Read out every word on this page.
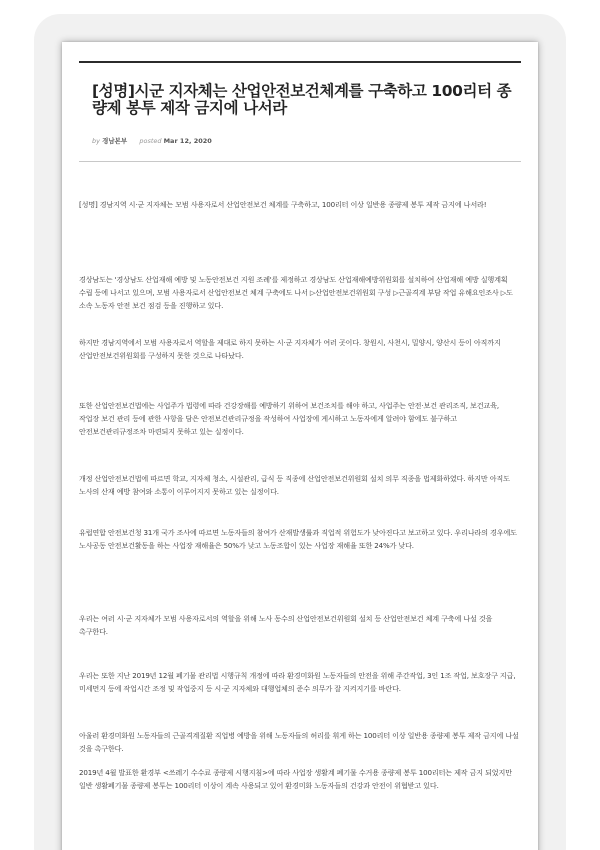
[성명]시군 지자체는 산업안전보건체계를 구축하고 100리터 종량제 봉투 제작 금지에 나서라
by 경남본부 posted Mar 12, 2020

[성명] 경남지역 시·군 지자체는 모범 사용자로서 산업안전보건 체계를 구축하고, 100리터 이상 일반용 종량제 봉투 제작 금지에 나서라!

경상남도는 '경상남도 산업재해 예방 및 노동안전보건 지원 조례'를 제정하고 경상남도 산업재해예방위원회를 설치하여 산업재해 예방 실행계획 수립 등에 나서고 있으며, 모범 사용자로서 산업안전보건 체계 구축에도 나서 ▷산업안전보건위원회 구성 ▷근골격계 부담 작업 유해요인조사 ▷도 소속 노동자 안전 보건 점검 등을 진행하고 있다.

하지만 경남지역에서 모범 사용자로서 역할을 제대로 하지 못하는 시·군 지자체가 여러 곳이다. 창원시, 사천시, 밀양시, 양산시 등이 아직까지 산업안전보건위원회를 구성하지 못한 것으로 나타났다.

또한 산업안전보건법에는 사업주가 법령에 따라 건강장해를 예방하기 위하여 보건조치를 해야 하고, 사업주는 안전·보건 관리조직, 보건교육, 작업장 보건 관리 등에 관한 사항을 담은 안전보건관리규정을 작성하여 사업장에 게시하고 노동자에게 알려야 함에도 불구하고 안전보건관리규정조차 마련되지 못하고 있는 실정이다.

개정 산업안전보건법에 따르면 학교, 지자체 청소, 시설관리, 급식 등 직종에 산업안전보건위원회 설치 의무 직종을 법제화하였다. 하지만 아직도 노사의 산재 예방 참여와 소통이 이루어지지 못하고 있는 실정이다.

유럽연합 안전보건청 31개 국가 조사에 따르면 노동자들의 참여가 산재발생률과 직업적 위험도가 낮아진다고 보고하고 있다. 우리나라의 경우에도 노사공동 안전보건활동을 하는 사업장 재해율은 50%가 낮고 노동조합이 있는 사업장 재해율 또한 24%가 낮다.

우리는 여러 시·군 지자체가 모범 사용자로서의 역할을 위해 노사 동수의 산업안전보건위원회 설치 등 산업안전보건 체계 구축에 나설 것을 촉구한다.

우리는 또한 지난 2019년 12월 폐기물 관리법 시행규칙 개정에 따라 환경미화원 노동자들의 안전을 위해 주간작업, 3인 1조 작업, 보호장구 지급, 미세먼지 등에 작업시간 조정 및 작업중지 등 시·군 지자체와 대행업체의 준수 의무가 잘 지켜지기를 바란다.

아울러 환경미화원 노동자들의 근골격계질환 직업병 예방을 위해 노동자들의 허리를 휘게 하는 100리터 이상 일반용 종량제 봉투 제작 금지에 나설 것을 촉구한다.

2019년 4월 발표한 환경부 <쓰레기 수수료 종량제 시행지침>에 따라 사업장 생활계 폐기물 수거용 종량제 봉투 100리터는 제작 금지 되었지만 일반 생활폐기물 종량제 봉투는 100리터 이상이 계속 사용되고 있어 환경미화 노동자들의 건강과 안전이 위협받고 있다.
